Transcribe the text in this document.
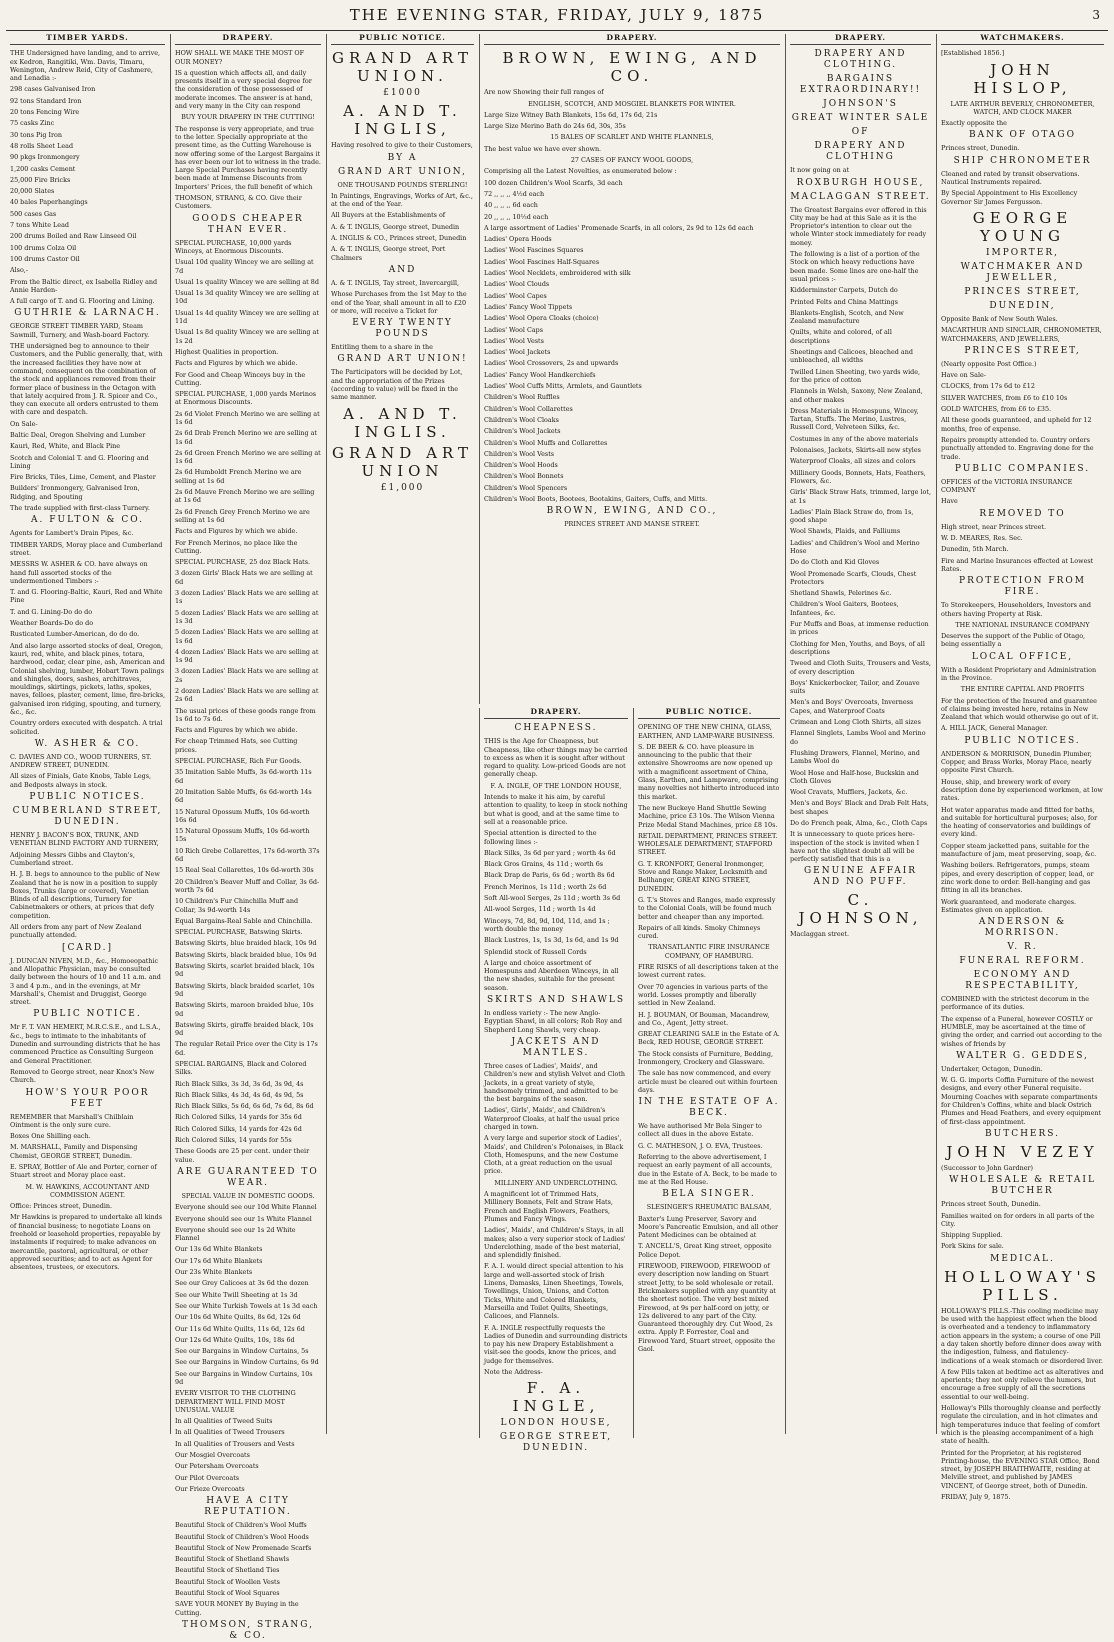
THE EVENING STAR, FRIDAY, JULY 9, 1875	3
TIMBER YARDS.

THE Undersigned have landing, and to arrive, ex Kedron, Rangitiki, Wm. Davis, Timaru, Wenington, Andrew Reid, City of Cashmere, and Lenadia :-

298 cases Galvanised Iron

92 tons Standard Iron

20 tons Fencing Wire

75 casks Zinc

30 tons Pig Iron

48 rolls Sheet Lead

90 pkgs Ironmongery

1,200 casks Cement

25,000 Fire Bricks

20,000 Slates

40 bales Paperhangings

500 cases Gas

7 tons White Lead

200 drums Boiled and Raw Linseed Oil

100 drums Colza Oil

100 drums Castor Oil

Also,-

From the Baltic direct, ex Isabella Ridley and Annie Harden-

A full cargo of T. and G. Flooring and Lining.

GUTHRIE & LARNACH.

GEORGE STREET TIMBER YARD, Steam Sawmill, Turnery, and Wash-board Factory.

THE undersigned beg to announce to their Customers, and the Public generally, that, with the increased facilities they have now at command, consequent on the combination of the stock and appliances removed from their former place of business in the Octagon with that lately acquired from J. R. Spicer and Co., they can execute all orders entrusted to them with care and despatch.

On Sale-

Baltic Deal, Oregon Shelving and Lumber

Kauri, Red, White, and Black Pine

Scotch and Colonial T. and G. Flooring and Lining

Fire Bricks, Tiles, Lime, Cement, and Plaster

Builders' Ironmongery, Galvanised Iron, Ridging, and Spouting

The trade supplied with first-class Turnery.

A. FULTON & CO.

Agents for Lambert's Drain Pipes, &c.

TIMBER YARDS, Moray place and Cumberland street.

MESSRS W. ASHER & CO. have always on hand full assorted stocks of the undermentioned Timbers :-

T. and G. Flooring-Baltic, Kauri, Red and White Pine

T. and G. Lining-Do do do

Weather Boards-Do do do

Rusticated Lumber-American, do do do.

And also large assorted stocks of deal, Oregon, kauri, red, white, and black pines, totara, hardwood, cedar, clear pine, ash, American and Colonial shelving, lumber, Hobart Town palings and shingles, doors, sashes, architraves, mouldings, skirtings, pickets, laths, spokes, naves, felloes, plaster, cement, lime, fire-bricks, galvanised iron ridging, spouting, and turnery, &c., &c.

Country orders executed with despatch. A trial solicited.

W. ASHER & CO.

C. DAVIES AND CO., WOOD TURNERS, ST. ANDREW STREET, DUNEDIN.

All sizes of Finials, Gate Knobs, Table Legs, and Bedposts always in stock.

PUBLIC NOTICES.

CUMBERLAND STREET, DUNEDIN.

HENRY J. BACON'S BOX, TRUNK, AND VENETIAN BLIND FACTORY AND TURNERY,

Adjoining Messrs Gibbs and Clayton's, Cumberland street.

H. J. B. begs to announce to the public of New Zealand that he is now in a position to supply Boxes, Trunks (large or covered), Venetian Blinds of all descriptions, Turnery for Cabinetmakers or others, at prices that defy competition.

All orders from any part of New Zealand punctually attended.

[CARD.]

J. DUNCAN NIVEN, M.D., &c., Homoeopathic and Allopathic Physician, may be consulted daily between the hours of 10 and 11 a.m. and 3 and 4 p.m., and in the evenings, at Mr Marshall's, Chemist and Druggist, George street.

PUBLIC NOTICE.

Mr F. T. VAN HEMERT, M.R.C.S.E., and L.S.A., &c., begs to intimate to the inhabitants of Dunedin and surrounding districts that he has commenced Practice as Consulting Surgeon and General Practitioner.

Removed to George street, near Knox's New Church.

HOW'S YOUR POOR FEET

REMEMBER that Marshall's Chilblain Ointment is the only sure cure.

Boxes One Shilling each.

M. MARSHALL, Family and Dispensing Chemist, GEORGE STREET, Dunedin.

E. SPRAY, Bottler of Ale and Porter, corner of Stuart street and Moray place east.

M. W. HAWKINS, ACCOUNTANT AND COMMISSION AGENT.

Office: Princes street, Dunedin.

Mr Hawkins is prepared to undertake all kinds of financial business; to negotiate Loans on freehold or leasehold properties, repayable by instalments if required; to make advances on mercantile, pastoral, agricultural, or other approved securities; and to act as Agent for absentees, trustees, or executors.

DRAPERY.

HOW SHALL WE MAKE THE MOST OF OUR MONEY?

IS a question which affects all, and daily presents itself in a very special degree for the consideration of those possessed of moderate incomes. The answer is at hand, and very many in the City can respond

BUY YOUR DRAPERY IN THE CUTTING!

The response is very appropriate, and true to the letter. Specially appropriate at the present time, as the Cutting Warehouse is now offering some of the Largest Bargains it has ever been our lot to witness in the trade. Large Special Purchases having recently been made at Immense Discounts from Importers' Prices, the full benefit of which

THOMSON, STRANG, & CO. Give their Customers.

GOODS CHEAPER THAN EVER.

SPECIAL PURCHASE, 10,000 yards Winceys, at Enormous Discounts.

Usual 10d quality Wincey we are selling at 7d

Usual 1s quality Wincey we are selling at 8d

Usual 1s 3d quality Wincey we are selling at 10d

Usual 1s 4d quality Wincey we are selling at 11d

Usual 1s 8d quality Wincey we are selling at 1s 2d

Highest Qualities in proportion.

Facts and Figures by which we abide.

For Good and Cheap Winceys buy in the Cutting.

SPECIAL PURCHASE, 1,000 yards Merinos at Enormous Discounts.

2s 6d Violet French Merino we are selling at 1s 6d

2s 6d Drab French Merino we are selling at 1s 6d

2s 6d Green French Merino we are selling at 1s 6d

2s 6d Humboldt French Merino we are selling at 1s 6d

2s 6d Mauve French Merino we are selling at 1s 6d

2s 6d French Grey French Merino we are selling at 1s 6d

Facts and Figures by which we abide.

For French Merinos, no place like the Cutting.

SPECIAL PURCHASE, 25 doz Black Hats.

3 dozen Girls' Black Hats we are selling at 6d

3 dozen Ladies' Black Hats we are selling at 1s

5 dozen Ladies' Black Hats we are selling at 1s 3d

5 dozen Ladies' Black Hats we are selling at 1s 6d

4 dozen Ladies' Black Hats we are selling at 1s 9d

3 dozen Ladies' Black Hats we are selling at 2s

2 dozen Ladies' Black Hats we are selling at 2s 6d

The usual prices of these goods range from 1s 6d to 7s 6d.

Facts and Figures by which we abide.

For cheap Trimmed Hats, see Cutting prices.

SPECIAL PURCHASE, Rich Fur Goods.

35 Imitation Sable Muffs, 3s 6d-worth 11s 6d

20 Imitation Sable Muffs, 6s 6d-worth 14s 6d

15 Natural Opossum Muffs, 10s 6d-worth 16s 6d

15 Natural Opossum Muffs, 10s 6d-worth 15s

10 Rich Grebe Collarettes, 17s 6d-worth 37s 6d

15 Real Seal Collarettes, 10s 6d-worth 30s

20 Children's Beaver Muff and Collar, 3s 6d-worth 7s 6d

10 Children's Fur Chinchilla Muff and Collar, 3s 9d-worth 14s

Equal Bargains-Real Sable and Chinchilla.

SPECIAL PURCHASE, Batswing Skirts.

Batswing Skirts, blue braided black, 10s 9d

Batswing Skirts, black braided blue, 10s 9d

Batswing Skirts, scarlet braided black, 10s 9d

Batswing Skirts, black braided scarlet, 10s 9d

Batswing Skirts, maroon braided blue, 10s 9d

Batswing Skirts, giraffe braided black, 10s 9d

The regular Retail Price over the City is 17s 6d.

SPECIAL BARGAINS, Black and Colored Silks.

Rich Black Silks, 3s 3d, 3s 6d, 3s 9d, 4s

Rich Black Silks, 4s 3d, 4s 6d, 4s 9d, 5s

Rich Black Silks, 5s 6d, 6s 6d, 7s 6d, 8s 6d

Rich Colored Silks, 14 yards for 35s 6d

Rich Colored Silks, 14 yards for 42s 6d

Rich Colored Silks, 14 yards for 55s

These Goods are 25 per cent. under their value.

ARE GUARANTEED TO WEAR.

SPECIAL VALUE IN DOMESTIC GOODS.

Everyone should see our 10d White Flannel

Everyone should see our 1s White Flannel

Everyone should see our 1s 2d White Flannel

Our 13s 6d White Blankets

Our 17s 6d White Blankets

Our 23s White Blankets

See our Grey Calicoes at 3s 6d the dozen

See our White Twill Sheeting at 1s 3d

See our White Turkish Towels at 1s 3d each

Our 10s 6d White Quilts, 8s 6d, 12s 6d

Our 11s 6d White Quilts, 11s 6d, 12s 6d

Our 12s 6d White Quilts, 10s, 18s 6d

See our Bargains in Window Curtains, 5s

See our Bargains in Window Curtains, 6s 9d

See our Bargains in Window Curtains, 10s 9d

EVERY VISITOR TO THE CLOTHING DEPARTMENT WILL FIND MOST UNUSUAL VALUE

In all Qualities of Tweed Suits

In all Qualities of Tweed Trousers

In all Qualities of Trousers and Vests

Our Mosgiel Overcoats

Our Petersham Overcoats

Our Pilot Overcoats

Our Frieze Overcoats

HAVE A CITY REPUTATION.

Beautiful Stock of Children's Wool Muffs

Beautiful Stock of Children's Wool Hoods

Beautiful Stock of New Promenade Scarfs

Beautiful Stock of Shetland Shawls

Beautiful Stock of Shetland Ties

Beautiful Stock of Woollen Vests

Beautiful Stock of Wool Squares

SAVE YOUR MONEY By Buying in the Cutting.

THOMSON, STRANG, & CO.

PUBLIC NOTICE.

GRAND ART UNION.

£1000

A. AND T. INGLIS,

Having resolved to give to their Customers,

BY A

GRAND ART UNION,

ONE THOUSAND POUNDS STERLING!

In Paintings, Engravings, Works of Art, &c., at the end of the Year.

All Buyers at the Establishments of

A. & T. INGLIS, George street, Dunedin

A. INGLIS & CO., Princes street, Dunedin

A. & T. INGLIS, George street, Port Chalmers

AND

A. & T. INGLIS, Tay street, Invercargill,

Whose Purchases from the 1st May to the end of the Year, shall amount in all to £20 or more, will receive a Ticket for

EVERY TWENTY POUNDS

Entitling them to a share in the

GRAND ART UNION!

The Participators will be decided by Lot, and the appropriation of the Prizes (according to value) will be fixed in the same manner.

A. AND T. INGLIS.

GRAND ART UNION

£1,000

DRAPERY.

BROWN, EWING, AND CO.

Are now Showing their full ranges of

ENGLISH, SCOTCH, AND MOSGIEL BLANKETS FOR WINTER.

Large Size Witney Bath Blankets, 15s 6d, 17s 6d, 21s

Large Size Merino Bath do 24s 6d, 30s, 35s

15 BALES OF SCARLET AND WHITE FLANNELS,

The best value we have ever shown.

27 CASES OF FANCY WOOL GOODS,

Comprising all the Latest Novelties, as enumerated below :

100 dozen Children's Wool Scarfs, 3d each

72 ,, ,, ,, 4½d each

40 ,, ,, ,, 6d each

20 ,, ,, ,, 10½d each

A large assortment of Ladies' Promenade Scarfs, in all colors, 2s 9d to 12s 6d each

Ladies' Opera Hoods

Ladies' Wool Fascines Squares

Ladies' Wool Fascines Half-Squares

Ladies' Wool Necklets, embroidered with silk

Ladies' Wool Clouds

Ladies' Wool Capes

Ladies' Fancy Wool Tippets

Ladies' Wool Opera Cloaks (choice)

Ladies' Wool Caps

Ladies' Wool Vests

Ladies' Wool Jackets

Ladies' Wool Crossovers, 2s and upwards

Ladies' Fancy Wool Handkerchiefs

Ladies' Wool Cuffs Mitts, Armlets, and Gauntlets

Children's Wool Ruffles

Children's Wool Collarettes

Children's Wool Cloaks

Children's Wool Jackets

Children's Wool Muffs and Collarettes

Children's Wool Vests

Children's Wool Hoods

Children's Wool Bonnets

Children's Wool Spencers

Children's Wool Boots, Bootees, Bootakins, Gaiters, Cuffs, and Mitts.

BROWN, EWING, AND CO.,

PRINCES STREET AND MANSE STREET.

DRAPERY.

CHEAPNESS.

THIS is the Age for Cheapness, but Cheapness, like other things may be carried to excess as when it is sought after without regard to quality. Low-priced Goods are not generally cheap.

F. A. INGLE, OF THE LONDON HOUSE,

Intends to make it his aim, by careful attention to quality, to keep in stock nothing but what is good, and at the same time to sell at a reasonable price.

Special attention is directed to the following lines :-

Black Silks, 3s 6d per yard ; worth 4s 6d

Black Gros Grains, 4s 11d ; worth 6s

Black Drap de Paris, 6s 6d ; worth 8s 6d

French Merinos, 1s 11d ; worth 2s 6d

Soft All-wool Serges, 2s 11d ; worth 3s 6d

All-wool Serges, 11d ; worth 1s 4d

Winceys, 7d, 8d, 9d, 10d, 11d, and 1s ; worth double the money

Black Lustres, 1s, 1s 3d, 1s 6d, and 1s 9d

Splendid stock of Russell Cords

A large and choice assortment of Homespuns and Aberdeen Winceys, in all the new shades, suitable for the present season.

SKIRTS AND SHAWLS

In endless variety :- The new Anglo-Egyptian Shawl, in all colors; Rob Roy and Shepherd Long Shawls, very cheap.

JACKETS AND MANTLES.

Three cases of Ladies', Maids', and Children's new and stylish Velvet and Cloth Jackets, in a great variety of style, handsomely trimmed, and admitted to be the best bargains of the season.

Ladies', Girls', Maids', and Children's Waterproof Cloaks, at half the usual price charged in town.

A very large and superior stock of Ladies', Maids', and Children's Polonaises, in Black Cloth, Homespuns, and the new Costume Cloth, at a great reduction on the usual price.

MILLINERY AND UNDERCLOTHING.

A magnificent lot of Trimmed Hats, Millinery Bonnets, Felt and Straw Hats, French and English Flowers, Feathers, Plumes and Fancy Wings.

Ladies', Maids', and Children's Stays, in all makes; also a very superior stock of Ladies' Underclothing, made of the best material, and splendidly finished.

F. A. I. would direct special attention to his large and well-assorted stock of Irish Linens, Damasks, Linen Sheetings, Towels, Towellings, Union, Unions, and Cotton Ticks, White and Colored Blankets, Marseilla and Toilet Quilts, Sheetings, Calicoes, and Flannels.

F. A. INGLE respectfully requests the Ladies of Dunedin and surrounding districts to pay his new Drapery Establishment a visit-see the goods, know the prices, and judge for themselves.

Note the Address-

F. A. INGLE,

LONDON HOUSE,

GEORGE STREET, DUNEDIN.

PUBLIC NOTICE.

OPENING OF THE NEW CHINA, GLASS, EARTHEN, AND LAMP-WARE BUSINESS.

S. DE BEER & CO. have pleasure in announcing to the public that their extensive Showrooms are now opened up with a magnificent assortment of China, Glass, Earthen, and Lampware, comprising many novelties not hitherto introduced into this market.

The new Buckeye Hand Shuttle Sewing Machine, price £3 10s. The Wilson Vienna Prize Medal Stand Machines, price £8 10s.

RETAIL DEPARTMENT, PRINCES STREET. WHOLESALE DEPARTMENT, STAFFORD STREET.

G. T. KRONFORT, General Ironmonger, Stove and Range Maker, Locksmith and Bellhanger, GREAT KING STREET, DUNEDIN.

G. T.'s Stoves and Ranges, made expressly to the Colonial Coals, will be found much better and cheaper than any imported.

Repairs of all kinds. Smoky Chimneys cured.

TRANSATLANTIC FIRE INSURANCE COMPANY, OF HAMBURG.

FIRE RISKS of all descriptions taken at the lowest current rates.

Over 70 agencies in various parts of the world. Losses promptly and liberally settled in New Zealand.

H. J. BOUMAN, Of Bouman, Macandrew, and Co., Agent, Jetty street.

GREAT CLEARING SALE in the Estate of A. Beck, RED HOUSE, GEORGE STREET.

The Stock consists of Furniture, Bedding, Ironmongery, Crockery and Glassware.

The sale has now commenced, and every article must be cleared out within fourteen days.

IN THE ESTATE OF A. BECK.

We have authorised Mr Bela Singer to collect all dues in the above Estate.

G. C. MATHESON, J. O. EVA, Trustees.

Referring to the above advertisement, I request an early payment of all accounts, due in the Estate of A. Beck, to be made to me at the Red House.

BELA SINGER.

SLESINGER'S RHEUMATIC BALSAM,

Baxter's Lung Preserver, Savory and Moore's Pancreatic Emulsion, and all other Patent Medicines can be obtained at

T. ANCELL'S, Great King street, opposite Police Depot.

FIREWOOD, FIREWOOD, FIREWOOD of every description now landing on Stuart street Jetty, to be sold wholesale or retail. Brickmakers supplied with any quantity at the shortest notice. The very best mixed Firewood, at 9s per half-cord on jetty, or 12s delivered to any part of the City. Guaranteed thoroughly dry. Cut Wood, 2s extra. Apply P. Forrester, Coal and Firewood Yard, Stuart street, opposite the Gaol.

DRAPERY.

DRAPERY AND CLOTHING.

BARGAINS EXTRAORDINARY!!

JOHNSON'S

GREAT WINTER SALE

OF

DRAPERY AND CLOTHING

It now going on at

ROXBURGH HOUSE,

MACLAGGAN STREET.

The Greatest Bargains ever offered in this City may be had at this Sale as it is the Proprietor's intention to clear out the whole Winter stock immediately for ready money.

The following is a list of a portion of the Stock on which heavy reductions have been made. Some lines are one-half the usual prices :-

Kidderminster Carpets, Dutch do

Printed Felts and China Mattings

Blankets-English, Scotch, and New Zealand manufacture

Quilts, white and colored, of all descriptions

Sheetings and Calicoes, bleached and unbleached, all widths

Twilled Linen Sheeting, two yards wide, for the price of cotton

Flannels in Welsh, Saxony, New Zealand, and other makes

Dress Materials in Homespuns, Wincey, Tartan, Stuffs. The Merino, Lustres, Russell Cord, Velveteen Silks, &c.

Costumes in any of the above materials

Polonaises, Jackets, Skirts-all new styles

Waterproof Cloaks, all sizes and colors

Millinery Goods, Bonnets, Hats, Feathers, Flowers, &c.

Girls' Black Straw Hats, trimmed, large lot, at 1s

Ladies' Plain Black Straw do, from 1s, good shape

Wool Shawls, Plaids, and Falliums

Ladies' and Children's Wool and Merino Hose

Do do Cloth and Kid Gloves

Wool Promenade Scarfs, Clouds, Chest Protectors

Shetland Shawls, Pelerines &c.

Children's Wool Gaiters, Bootees, Infantees, &c.

Fur Muffs and Boas, at immense reduction in prices

Clothing for Men, Youths, and Boys, of all descriptions

Tweed and Cloth Suits, Trousers and Vests, of every description

Boys' Knickerbocker, Tailor, and Zouave suits

Men's and Boys' Overcoats, Inverness Capes, and Waterproof Coats

Crimean and Long Cloth Shirts, all sizes

Flannel Singlets, Lambs Wool and Merino do

Flushing Drawers, Flannel, Merino, and Lambs Wool do

Wool Hose and Half-hose, Buckskin and Cloth Gloves

Wool Cravats, Mufflers, Jackets, &c.

Men's and Boys' Black and Drab Felt Hats, best shapes

Do do French peak, Alma, &c., Cloth Caps

It is unnecessary to quote prices here-inspection of the stock is invited when I have not the slightest doubt all will be perfectly satisfied that this is a

GENUINE AFFAIR AND NO PUFF.

C. JOHNSON,

Maclaggan street.

WATCHMAKERS.

[Established 1856.]

JOHN HISLOP,

LATE ARTHUR BEVERLY, CHRONOMETER, WATCH, AND CLOCK MAKER

Exactly opposite the

BANK OF OTAGO

Princes street, Dunedin.

SHIP CHRONOMETER

Cleaned and rated by transit observations. Nautical Instruments repaired.

By Special Appointment to His Excellency Governor Sir James Fergusson.

GEORGE YOUNG

IMPORTER,

WATCHMAKER AND JEWELLER,

PRINCES STREET,

DUNEDIN,

Opposite Bank of New South Wales.

MACARTHUR AND SINCLAIR, CHRONOMETER, WATCHMAKERS, AND JEWELLERS,

PRINCES STREET,

(Nearly opposite Post Office.)

Have on Sale-

CLOCKS, from 17s 6d to £12

SILVER WATCHES, from £6 to £10 10s

GOLD WATCHES, from £6 to £35.

All these goods guaranteed, and upheld for 12 months, free of expense.

Repairs promptly attended to. Country orders punctually attended to. Engraving done for the trade.

PUBLIC COMPANIES.

OFFICES of the VICTORIA INSURANCE COMPANY

Have

REMOVED TO

High street, near Princes street.

W. D. MEARES, Res. Sec.

Dunedin, 5th March.

Fire and Marine Insurances effected at Lowest Rates.

PROTECTION FROM FIRE.

To Storekeepers, Householders, Investors and others having Property at Risk.

THE NATIONAL INSURANCE COMPANY

Deserves the support of the Public of Otago, being essentially a

LOCAL OFFICE,

With a Resident Proprietary and Administration in the Province.

THE ENTIRE CAPITAL AND PROFITS

For the protection of the Insured and guarantee of claims being invested here, retains in New Zealand that which would otherwise go out of it.

A. HILL JACK, General Manager.

PUBLIC NOTICES.

ANDERSON & MORRISON, Dunedin Plumber, Copper, and Brass Works, Moray Place, nearly opposite First Church.

House, ship, and brewery work of every description done by experienced workmen, at low rates.

Hot water apparatus made and fitted for baths, and suitable for horticultural purposes; also, for the heating of conservatories and buildings of every kind.

Copper steam jacketted pans, suitable for the manufacture of jam, meat preserving, soap, &c.

Washing boilers. Refrigerators, pumps, steam pipes, and every description of copper, lead, or zinc work done to order. Bell-hanging and gas fitting in all its branches.

Work guaranteed, and moderate charges. Estimates given on application.

ANDERSON & MORRISON.

V. R.

FUNERAL REFORM.

ECONOMY AND RESPECTABILITY,

COMBINED with the strictest decorum in the performance of its duties.

The expense of a Funeral, however COSTLY or HUMBLE, may be ascertained at the time of giving the order, and carried out according to the wishes of friends by

WALTER G. GEDDES,

Undertaker, Octagon, Dunedin.

W. G. G. imports Coffin Furniture of the newest designs, and every other Funeral requisite. Mourning Coaches with separate compartments for Children's Coffins, white and black Ostrich Plumes and Head Feathers, and every equipment of first-class appointment.

BUTCHERS.

JOHN VEZEY

(Successor to John Gardner)

WHOLESALE & RETAIL BUTCHER

Princes street South, Dunedin.

Families waited on for orders in all parts of the City.

Shipping Supplied.

Pork Skins for sale.

MEDICAL.

HOLLOWAY'S PILLS.

HOLLOWAY'S PILLS.-This cooling medicine may be used with the happiest effect when the blood is overheated and a tendency to inflammatory action appears in the system; a course of one Pill a day taken shortly before dinner does away with the indigestion, fulness, and flatulency-indications of a weak stomach or disordered liver.

A few Pills taken at bedtime act as alteratives and aperients; they not only relieve the humors, but encourage a free supply of all the secretions essential to our well-being.

Holloway's Pills thoroughly cleanse and perfectly regulate the circulation, and in hot climates and high temperatures induce that feeling of comfort which is the pleasing accompaniment of a high state of health.

Printed for the Proprietor, at his registered Printing-house, the EVENING STAR Office, Bond street, by JOSEPH BRAITHWAITE, residing at Melville street, and published by JAMES VINCENT, of George street, both of Dunedin.

FRIDAY, July 9, 1875.
